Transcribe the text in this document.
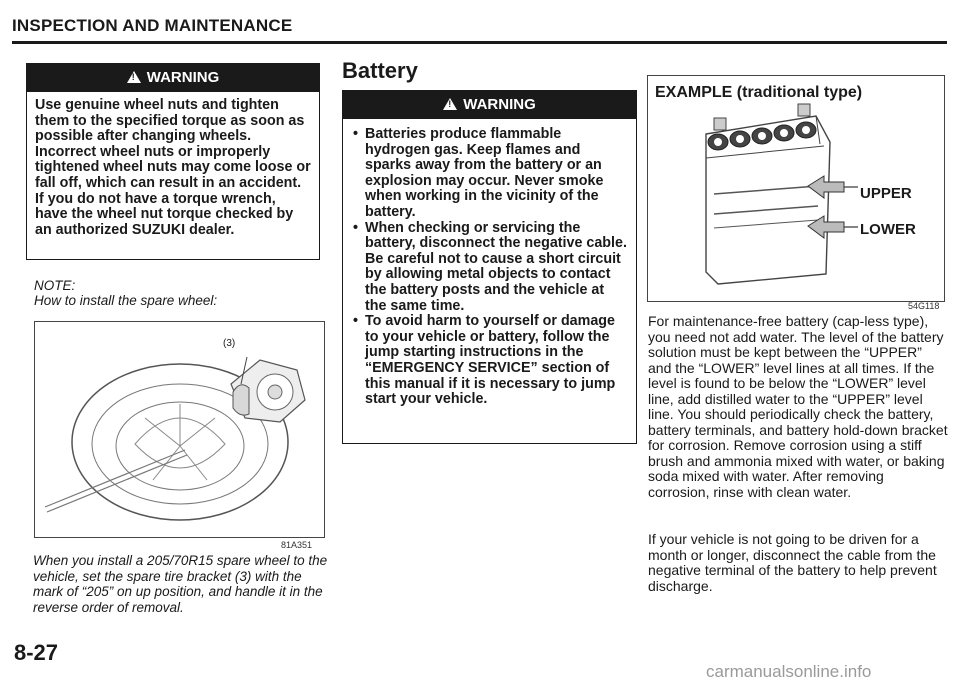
INSPECTION AND MAINTENANCE
!WARNING
Use genuine wheel nuts and tighten them to the specified torque as soon as possible after changing wheels. Incorrect wheel nuts or improperly tightened wheel nuts may come loose or fall off, which can result in an accident. If you do not have a torque wrench, have the wheel nut torque checked by an authorized SUZUKI dealer.
NOTE:
How to install the spare wheel:
(3)
81A351
When you install a 205/70R15 spare wheel to the vehicle, set the spare tire bracket (3) with the mark of “205” on up position, and handle it in the reverse order of removal.
Battery
!WARNING
• Batteries produce flammable hydrogen gas. Keep flames and sparks away from the battery or an explosion may occur. Never smoke when working in the vicinity of the battery.
• When checking or servicing the battery, disconnect the negative cable. Be careful not to cause a short circuit by allowing metal objects to contact the battery posts and the vehicle at the same time.
• To avoid harm to yourself or damage to your vehicle or battery, follow the jump starting instructions in the “EMERGENCY SERVICE” section of this manual if it is necessary to jump start your vehicle.
EXAMPLE (traditional type)
UPPER
LOWER
54G118
For maintenance-free battery (cap-less type), you need not add water. The level of the battery solution must be kept between the “UPPER” and the “LOWER” level lines at all times. If the level is found to be below the “LOWER” level line, add distilled water to the “UPPER” level line. You should periodically check the battery, battery terminals, and battery hold-down bracket for corrosion. Remove corrosion using a stiff brush and ammonia mixed with water, or baking soda mixed with water. After removing corrosion, rinse with clean water.
If your vehicle is not going to be driven for a month or longer, disconnect the cable from the negative terminal of the battery to help prevent discharge.
8-27
carmanualsonline.info
